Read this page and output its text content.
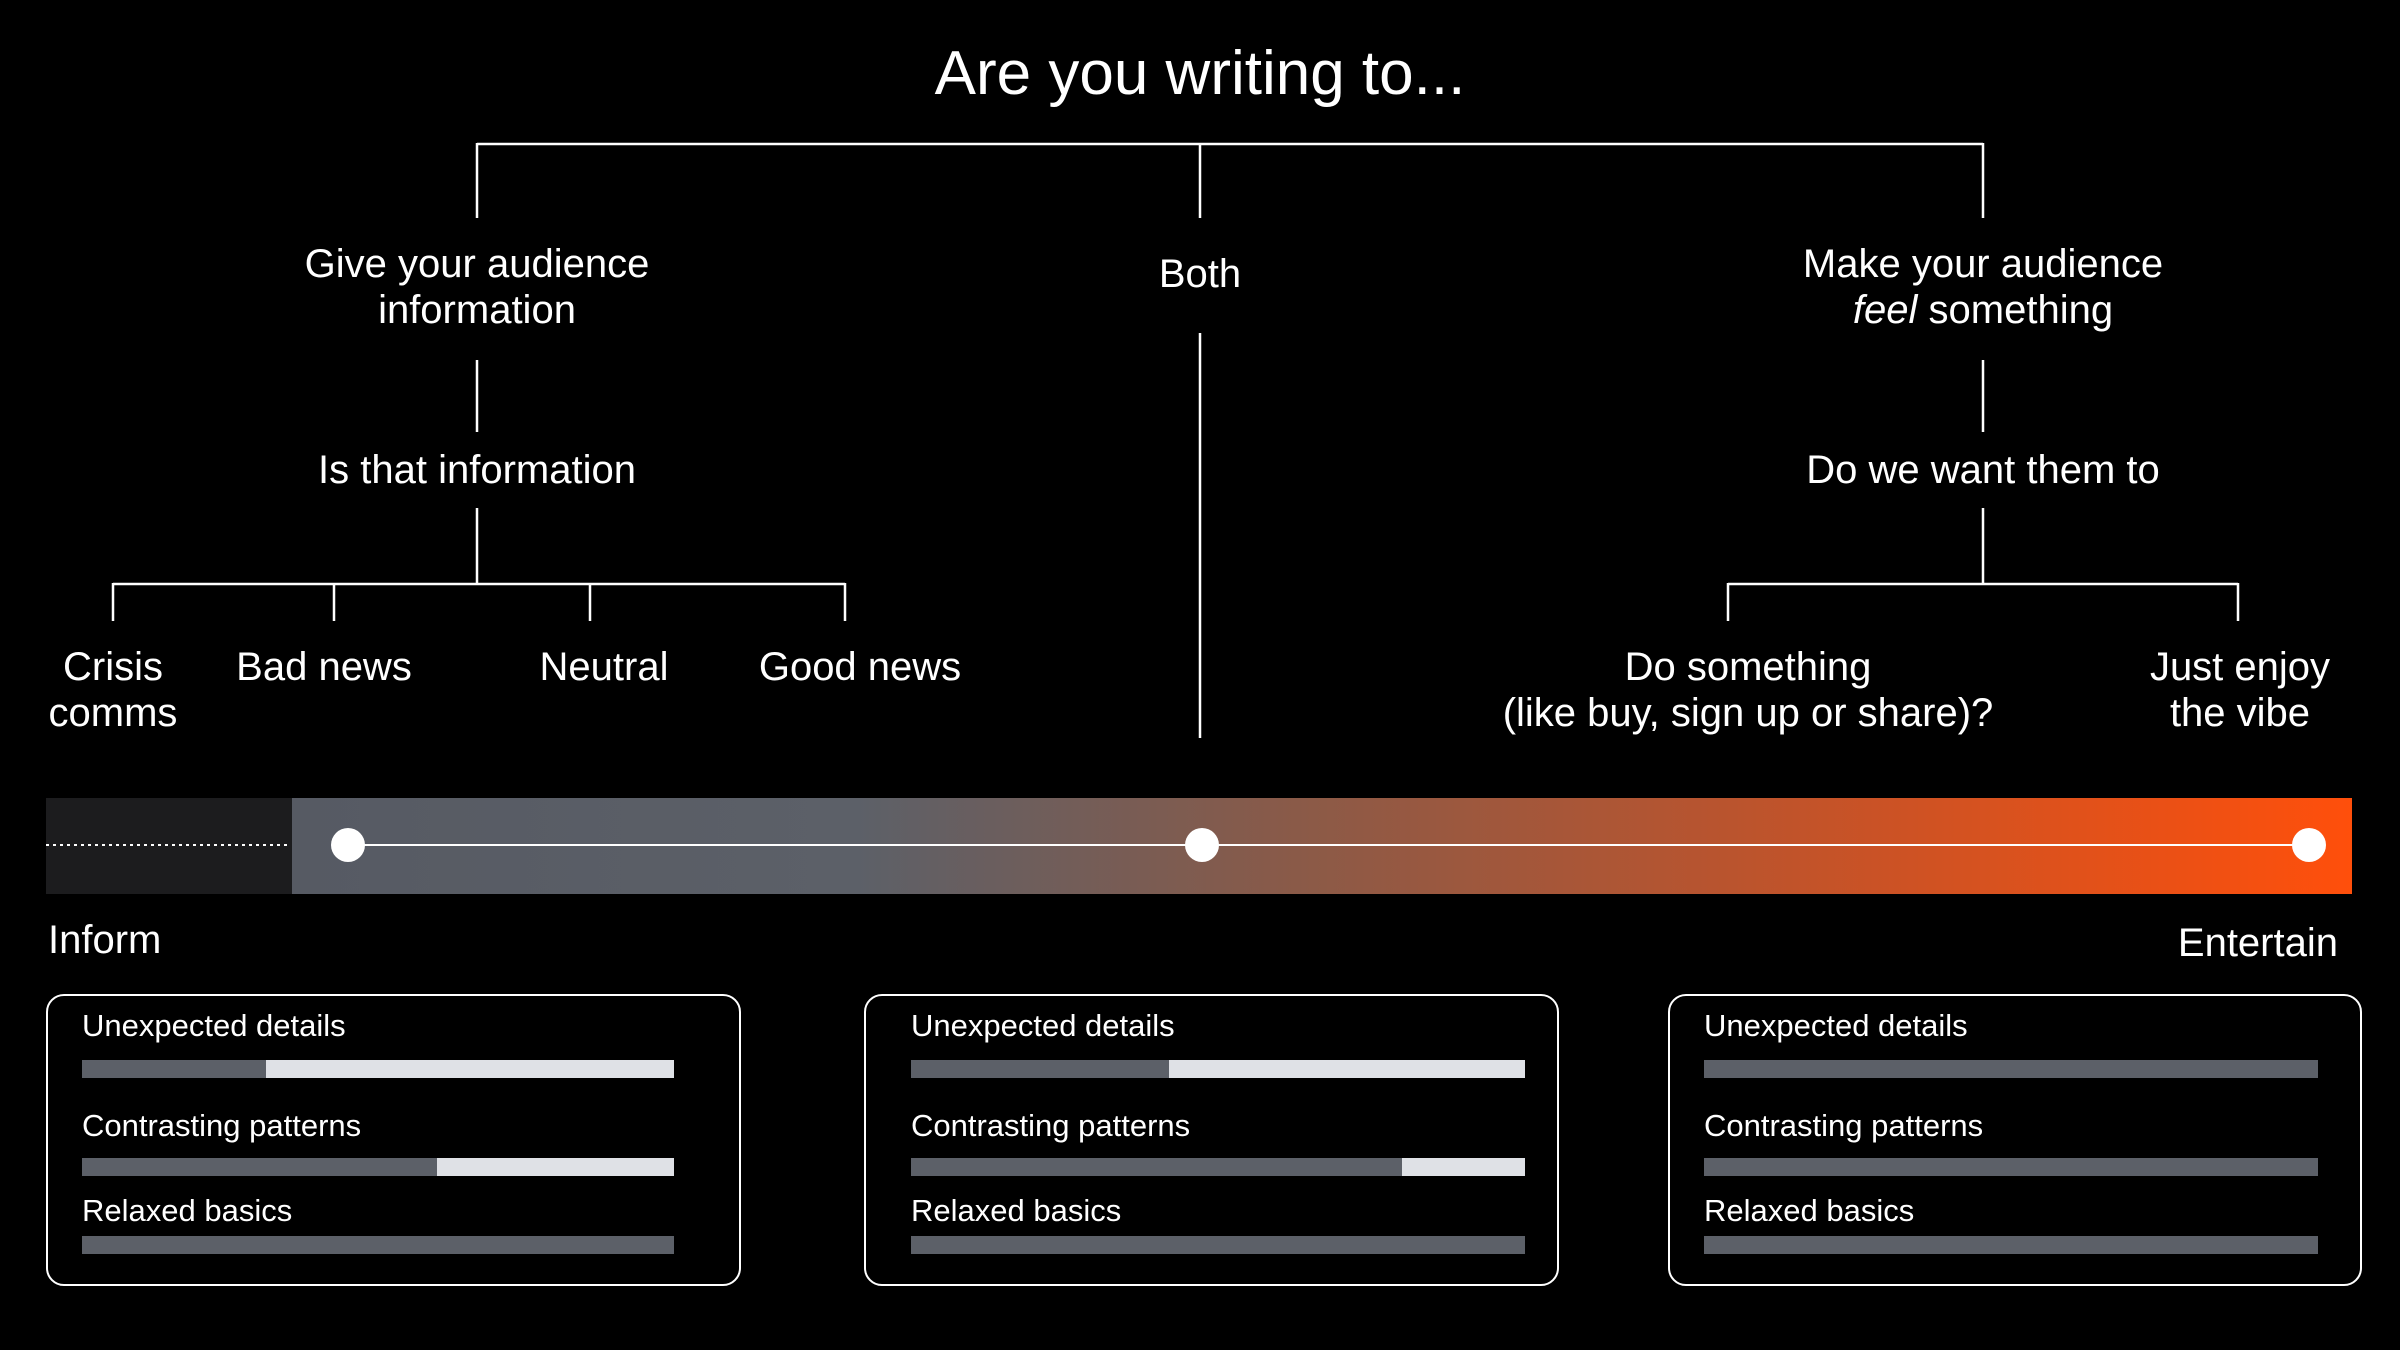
Are you writing to...
Give your audience
information
Both	Make your audience
feel something
Is that information	Do we want them to
Crisis
comms
Bad news	Neutral	Good news	Do something
(like buy, sign up or share)?
Just enjoy
the vibe
Inform	Entertain
Unexpected details
Contrasting patterns
Relaxed basics
Unexpected details
Contrasting patterns
Relaxed basics
Unexpected details
Contrasting patterns
Relaxed basics
